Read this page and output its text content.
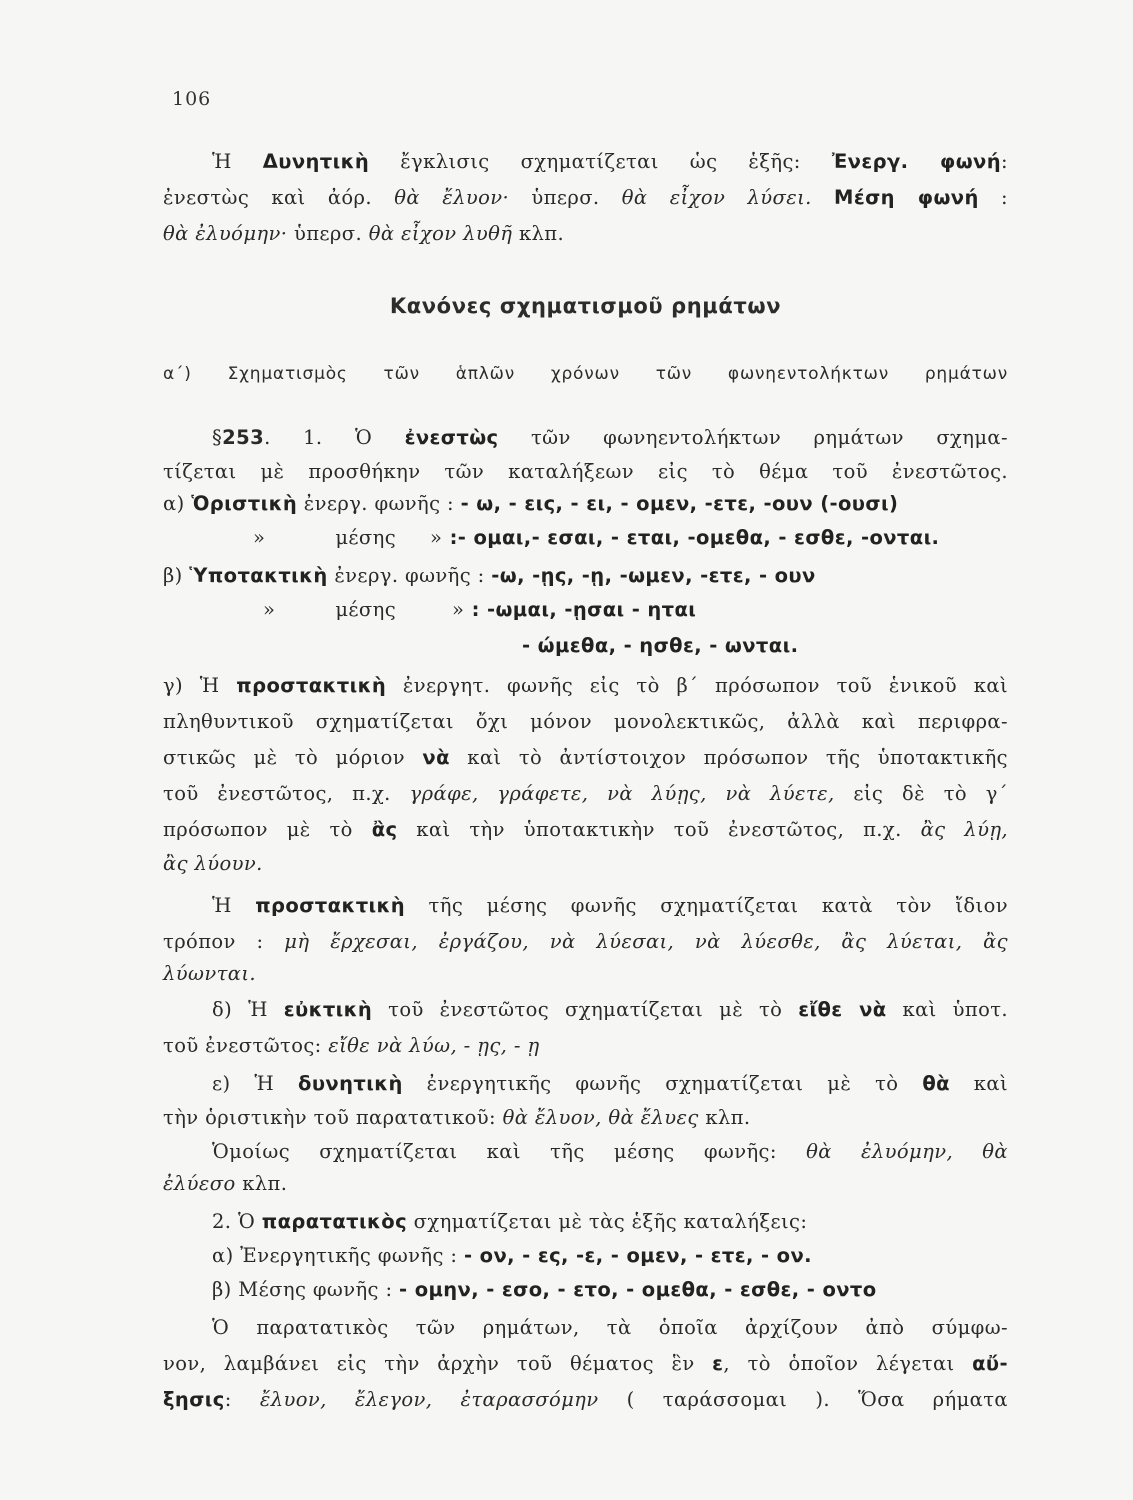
106
Ἡ Δυνητικὴ ἔγκλισις σχηματίζεται ὡς ἑξῆς: Ἐνεργ. φωνή:
ἐνεστὼς καὶ ἀόρ. θὰ ἔλυον· ὑπερσ. θὰ εἶχον λύσει. Μέση φωνή :
θὰ ἐλυόμην· ὑπερσ. θὰ εἶχον λυθῆ κλπ.
Κανόνες σχηματισμοῦ ρημάτων
α΄) Σχηματισμὸς τῶν ἁπλῶν χρόνων τῶν φωνηεντολήκτων ρημάτων
§253. 1. Ὁ ἐνεστὼς τῶν φωνηεντολήκτων ρημάτων σχημα-
τίζεται μὲ προσθήκην τῶν καταλήξεων εἰς τὸ θέμα τοῦ ἐνεστῶτος.
α) Ὁριστικὴ ἐνεργ. φωνῆς : - ω, - εις, - ει, - ομεν, -ετε, -ουν (-ουσι)
»	μέσης » :- ομαι,- εσαι, - εται, -ομεθα, - εσθε, -ονται.
β) Ὑποτακτικὴ ἐνεργ. φωνῆς : -ω, -ῃς, -ῃ, -ωμεν, -ετε, - ουν
»	μέσης	» : -ωμαι, -ῃσαι - ηται
- ώμεθα, - ησθε, - ωνται.
γ) Ἡ προστακτικὴ ἐνεργητ. φωνῆς εἰς τὸ β΄ πρόσωπον τοῦ ἑνικοῦ καὶ
πληθυντικοῦ σχηματίζεται ὄχι μόνον μονολεκτικῶς, ἀλλὰ καὶ περιφρα-
στικῶς μὲ τὸ μόριον νὰ καὶ τὸ ἀντίστοιχον πρόσωπον τῆς ὑποτακτικῆς
τοῦ ἐνεστῶτος, π.χ. γράφε, γράφετε, νὰ λύῃς, νὰ λύετε, εἰς δὲ τὸ γ΄
πρόσωπον μὲ τὸ ἂς καὶ τὴν ὑποτακτικὴν τοῦ ἐνεστῶτος, π.χ. ἂς λύῃ,
ἂς λύουν.
Ἡ προστακτικὴ τῆς μέσης φωνῆς σχηματίζεται κατὰ τὸν ἴδιον
τρόπον : μὴ ἔρχεσαι, ἐργάζου, νὰ λύεσαι, νὰ λύεσθε, ἂς λύεται, ἂς
λύωνται.
δ) Ἡ εὐκτικὴ τοῦ ἐνεστῶτος σχηματίζεται μὲ τὸ εἴθε νὰ καὶ ὑποτ.
τοῦ ἐνεστῶτος: εἴθε νὰ λύω, - ῃς, - ῃ
ε) Ἡ δυνητικὴ ἐνεργητικῆς φωνῆς σχηματίζεται μὲ τὸ θὰ καὶ
τὴν ὁριστικὴν τοῦ παρατατικοῦ: θὰ ἔλυον, θὰ ἔλυες κλπ.
Ὁμοίως σχηματίζεται καὶ τῆς μέσης φωνῆς: θὰ ἐλυόμην, θὰ
ἐλύεσο κλπ.
2. Ὁ παρατατικὸς σχηματίζεται μὲ τὰς ἑξῆς καταλήξεις:
α) Ἐνεργητικῆς φωνῆς : - ον, - ες, -ε, - ομεν, - ετε, - ον.
β) Μέσης φωνῆς : - ομην, - εσο, - ετο, - ομεθα, - εσθε, - οντο
Ὁ παρατατικὸς τῶν ρημάτων, τὰ ὁποῖα ἀρχίζουν ἀπὸ σύμφω-
νον, λαμβάνει εἰς τὴν ἀρχὴν τοῦ θέματος ἓν ε, τὸ ὁποῖον λέγεται αὔ-
ξησις: ἔλυον, ἔλεγον, ἐταρασσόμην ( ταράσσομαι ). Ὅσα ρήματα
